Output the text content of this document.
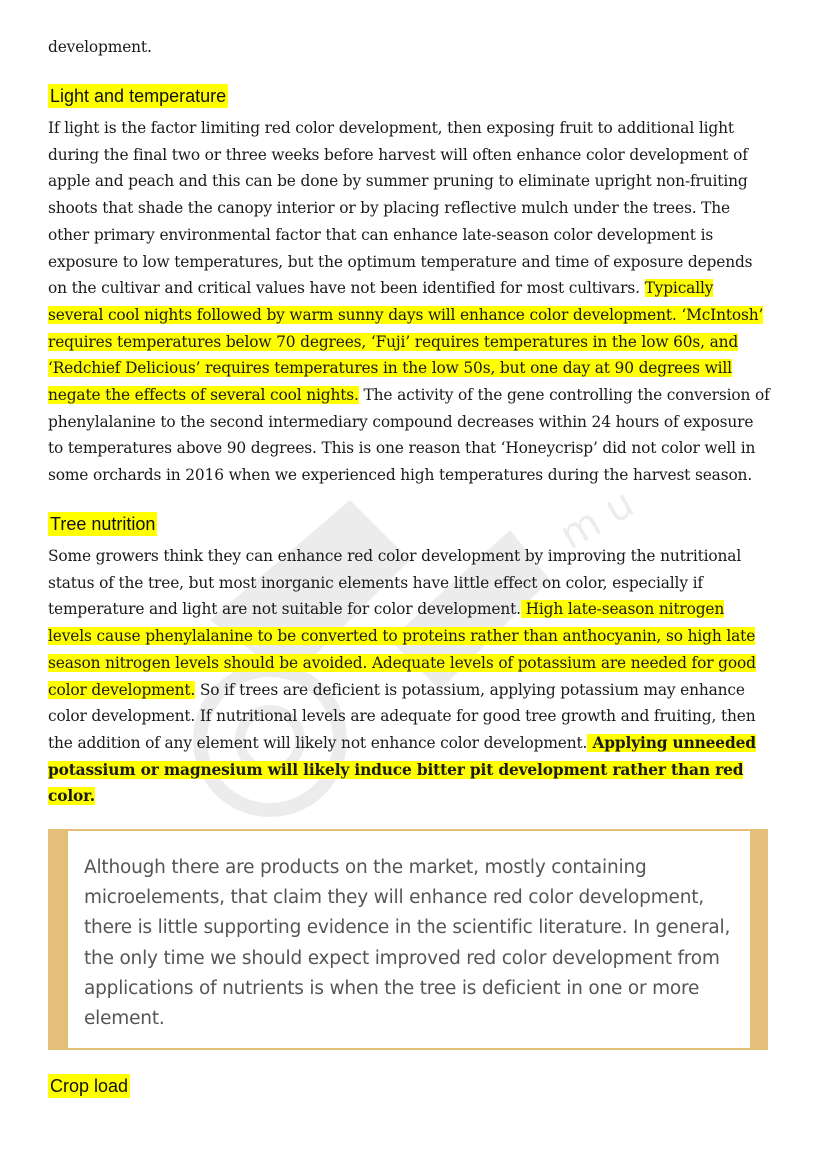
m u

development.

Light and temperature

If light is the factor limiting red color development, then exposing fruit to additional light during the final two or three weeks before harvest will often enhance color development of apple and peach and this can be done by summer pruning to eliminate upright non-fruiting shoots that shade the canopy interior or by placing reflective mulch under the trees. The other primary environmental factor that can enhance late-season color development is exposure to low temperatures, but the optimum temperature and time of exposure depends on the cultivar and critical values have not been identified for most cultivars. Typically several cool nights followed by warm sunny days will enhance color development. ‘McIntosh’ requires temperatures below 70 degrees, ‘Fuji’ requires temperatures in the low 60s, and ‘Redchief Delicious’ requires temperatures in the low 50s, but one day at 90 degrees will negate the effects of several cool nights. The activity of the gene controlling the conversion of phenylalanine to the second intermediary compound decreases within 24 hours of exposure to temperatures above 90 degrees. This is one reason that ‘Honeycrisp’ did not color well in some orchards in 2016 when we experienced high temperatures during the harvest season.

Tree nutrition

Some growers think they can enhance red color development by improving the nutritional status of the tree, but most inorganic elements have little effect on color, especially if temperature and light are not suitable for color development. High late-season nitrogen levels cause phenylalanine to be converted to proteins rather than anthocyanin, so high late season nitrogen levels should be avoided. Adequate levels of potassium are needed for good color development. So if trees are deficient is potassium, applying potassium may enhance color development. If nutritional levels are adequate for good tree growth and fruiting, then the addition of any element will likely not enhance color development. Applying unneeded potassium or magnesium will likely induce bitter pit development rather than red color.

Crop load

Although there are products on the market, mostly containing microelements, that claim they will enhance red color development, there is little supporting evidence in the scientific literature. In general, the only time we should expect improved red color development from applications of nutrients is when the tree is deficient in one or more element.
